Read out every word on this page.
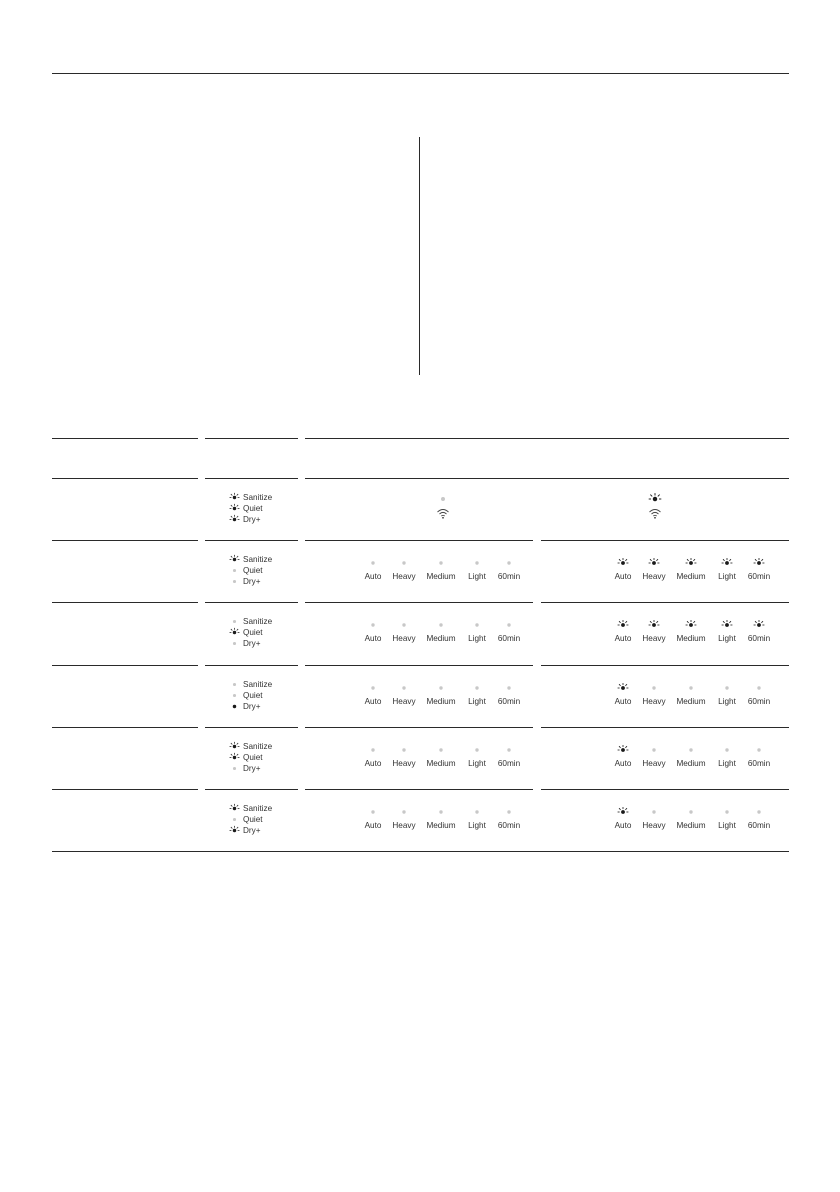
Sanitize
Quiet
Dry+
Sanitize
Quiet
Dry+
Auto	Heavy	Medium	Light	60min	Auto	Heavy	Medium	Light	60min
Sanitize
Quiet
Dry+
Auto	Heavy	Medium	Light	60min	Auto	Heavy	Medium	Light	60min
Sanitize
Quiet
Dry+
Auto	Heavy	Medium	Light	60min	Auto	Heavy	Medium	Light	60min
Sanitize
Quiet
Dry+
Auto	Heavy	Medium	Light	60min	Auto	Heavy	Medium	Light	60min
Sanitize
Quiet
Dry+
Auto	Heavy	Medium	Light	60min	Auto	Heavy	Medium	Light	60min
